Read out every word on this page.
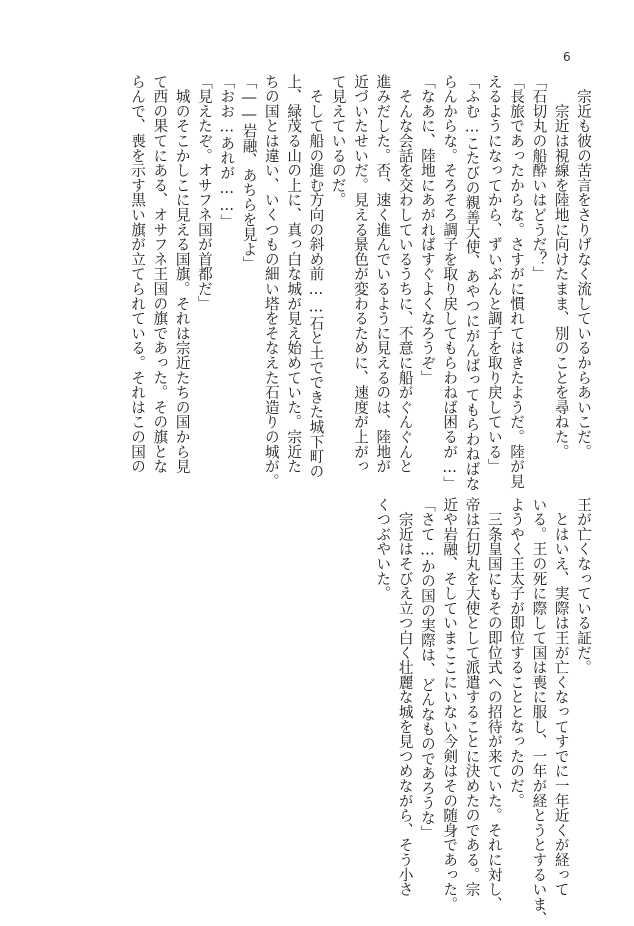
6
　宗近も彼の苦言をさりげなく流しているからあいこだ。
　　宗近は視線を陸地に向けたまま、別のことを尋ねた。
「石切丸の船酔いはどうだ？」
「長旅であったからな。さすがに慣れてはきたようだ。陸が見
えるようになってから、ずいぶんと調子を取り戻している」
「ふむ…こたびの親善大使、あやつにがんばってもらわねばな
らんからな。そろそろ調子を取り戻してもらわねば困るが…」
「なあに、陸地にあがればすぐよくなろうぞ」
　そんな会話を交わしているうちに、不意に船がぐんぐんと
進みだした。否、速く進んでいるように見えるのは、陸地が
近づいたせいだ。見える景色が変わるために、速度が上がっ
て見えているのだ。
　そして船の進む方向の斜め前……石と土でできた城下町の
上、緑茂る山の上に、真っ白な城が見え始めていた。宗近た
ちの国とは違い、いくつもの細い塔をそなえた石造りの城が。
「――岩融、あちらを見よ」
「おお…あれが……」
「見えたぞ。オサフネ国が首都だ」
　城のそこかしこに見える国旗。それは宗近たちの国から見
て西の果てにある、オサフネ王国の旗であった。その旗とな
らんで、喪を示す黒い旗が立てられている。それはこの国の
王が亡くなっている証だ。
　とはいえ、実際は王が亡くなってすでに一年近くが経って
いる。王の死に際して国は喪に服し、一年が経とうとするいま、
ようやく王太子が即位することとなったのだ。
　三条皇国にもその即位式への招待が来ていた。それに対し、
帝は石切丸を大使として派遣することに決めたのである。宗
近や岩融、そしていまここにいない今剣はその随身であった。
「さて…かの国の実際は、どんなものであろうな」
　宗近はそびえ立つ白く壮麗な城を見つめながら、そう小さ
くつぶやいた。
